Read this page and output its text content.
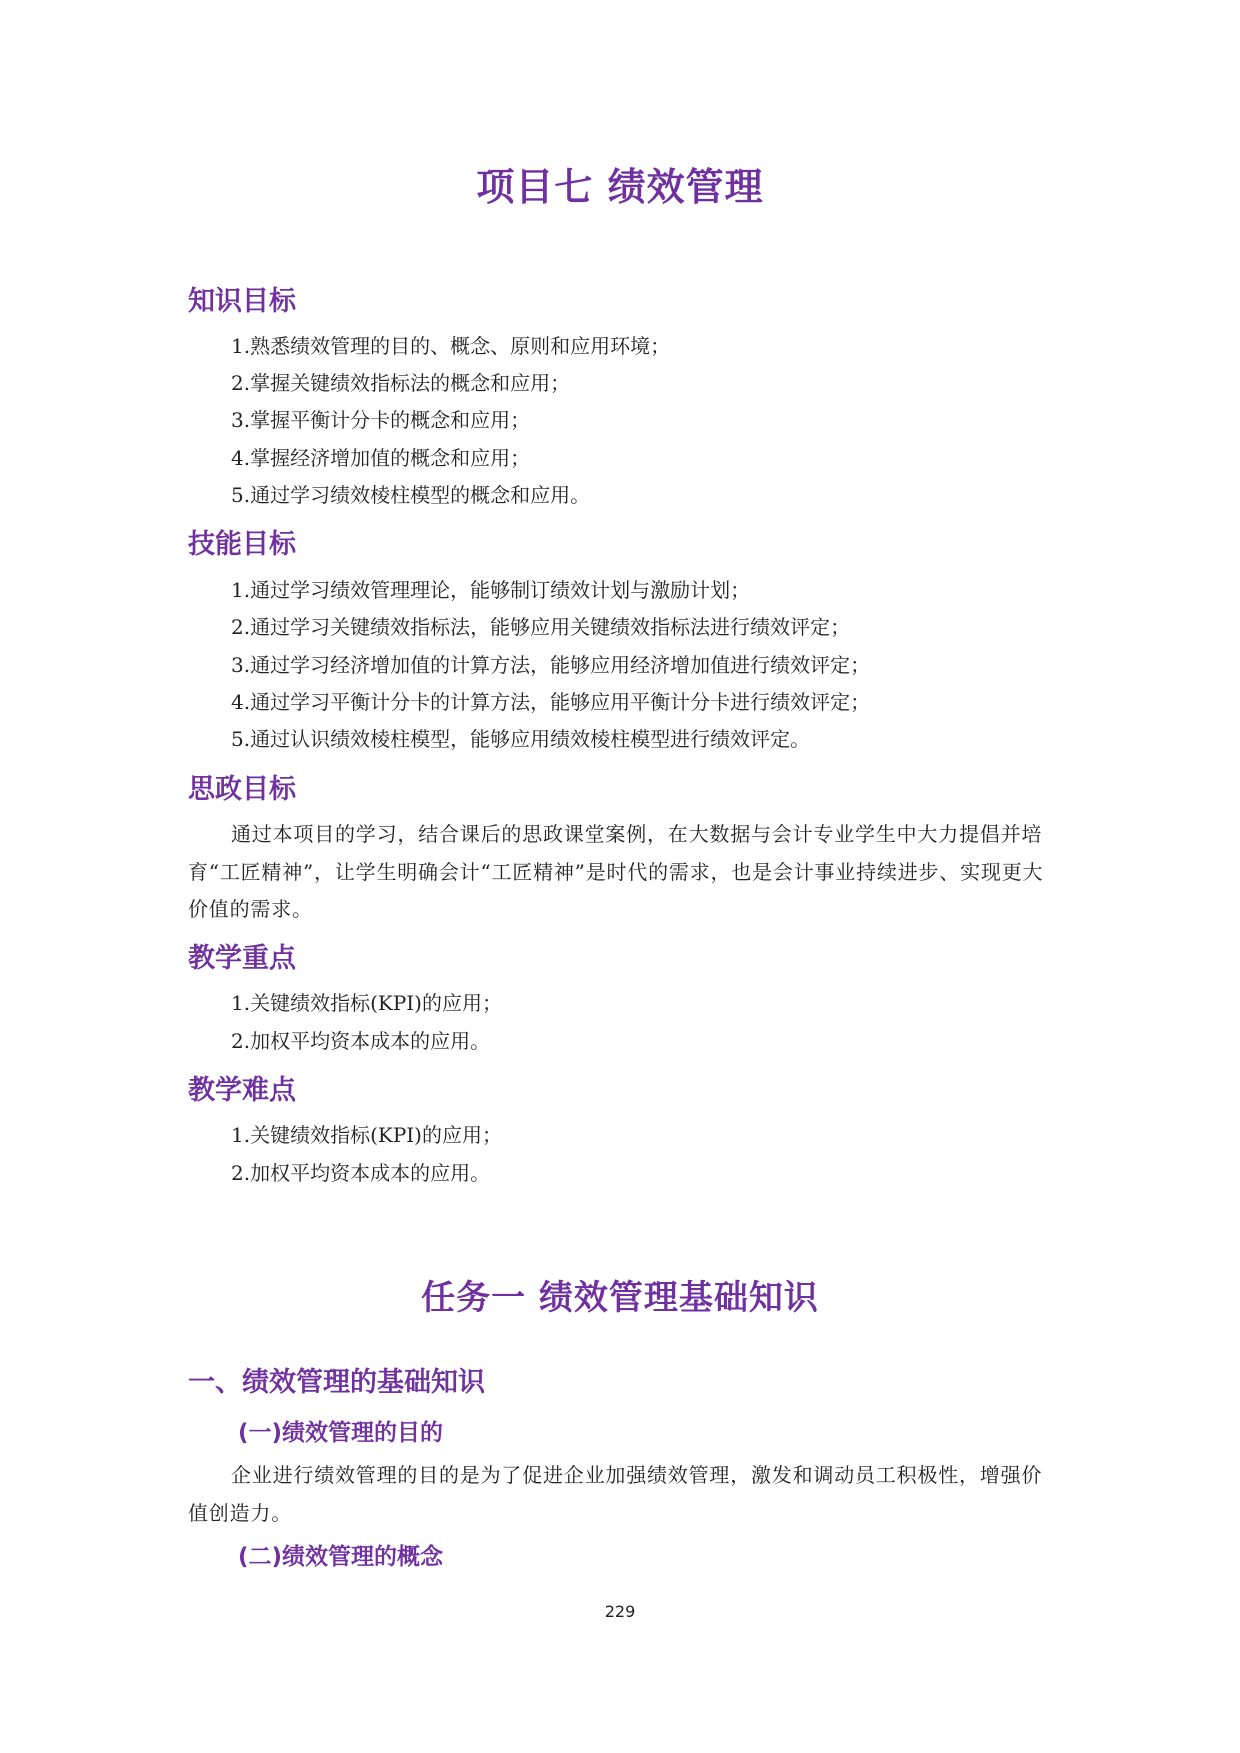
项目七 绩效管理
知识目标
1.熟悉绩效管理的目的、概念、原则和应用环境；
2.掌握关键绩效指标法的概念和应用；
3.掌握平衡计分卡的概念和应用；
4.掌握经济增加值的概念和应用；
5.通过学习绩效棱柱模型的概念和应用。
技能目标
1.通过学习绩效管理理论，能够制订绩效计划与激励计划；
2.通过学习关键绩效指标法，能够应用关键绩效指标法进行绩效评定；
3.通过学习经济增加值的计算方法，能够应用经济增加值进行绩效评定；
4.通过学习平衡计分卡的计算方法，能够应用平衡计分卡进行绩效评定；
5.通过认识绩效棱柱模型，能够应用绩效棱柱模型进行绩效评定。
思政目标
通过本项目的学习，结合课后的思政课堂案例，在大数据与会计专业学生中大力提倡并培育“工匠精神”，让学生明确会计“工匠精神”是时代的需求，也是会计事业持续进步、实现更大价值的需求。
教学重点
1.关键绩效指标(KPI)的应用；
2.加权平均资本成本的应用。
教学难点
1.关键绩效指标(KPI)的应用；
2.加权平均资本成本的应用。
任务一 绩效管理基础知识
一、绩效管理的基础知识
(一)绩效管理的目的
企业进行绩效管理的目的是为了促进企业加强绩效管理，激发和调动员工积极性，增强价值创造力。
(二)绩效管理的概念
229
